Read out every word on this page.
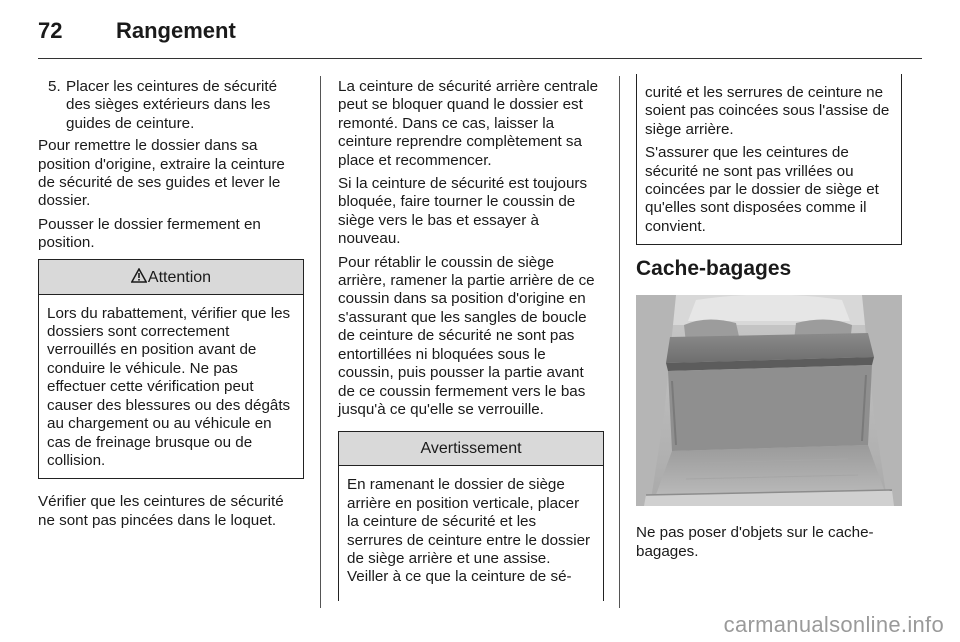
72 Rangement
5. Placer les ceintures de sécurité des sièges extérieurs dans les guides de ceinture.

Pour remettre le dossier dans sa position d'origine, extraire la ceinture de sécurité de ses guides et lever le dossier.

Pousser le dossier fermement en position.

Attention
Lors du rabattement, vérifier que les dossiers sont correctement verrouillés en position avant de conduire le véhicule. Ne pas effectuer cette vérification peut causer des blessures ou des dégâts au chargement ou au véhicule en cas de freinage brusque ou de collision.

Vérifier que les ceintures de sécurité ne sont pas pincées dans le loquet.

La ceinture de sécurité arrière centrale peut se bloquer quand le dossier est remonté. Dans ce cas, laisser la ceinture reprendre complètement sa place et recommencer.

Si la ceinture de sécurité est toujours bloquée, faire tourner le coussin de siège vers le bas et essayer à nouveau.

Pour rétablir le coussin de siège arrière, ramener la partie arrière de ce coussin dans sa position d'origine en s'assurant que les sangles de boucle de ceinture de sécurité ne sont pas entortillées ni bloquées sous le coussin, puis pousser la partie avant de ce coussin fermement vers le bas jusqu'à ce qu'elle se verrouille.

Avertissement
En ramenant le dossier de siège arrière en position verticale, placer la ceinture de sécurité et les serrures de ceinture entre le dossier de siège arrière et une assise. Veiller à ce que la ceinture de sé-

curité et les serrures de ceinture ne soient pas coincées sous l'assise de siège arrière.

S'assurer que les ceintures de sécurité ne sont pas vrillées ou coincées par le dossier de siège et qu'elles sont disposées comme il convient.

Cache-bagages

Ne pas poser d'objets sur le cache-bagages.

carmanualsonline.info
